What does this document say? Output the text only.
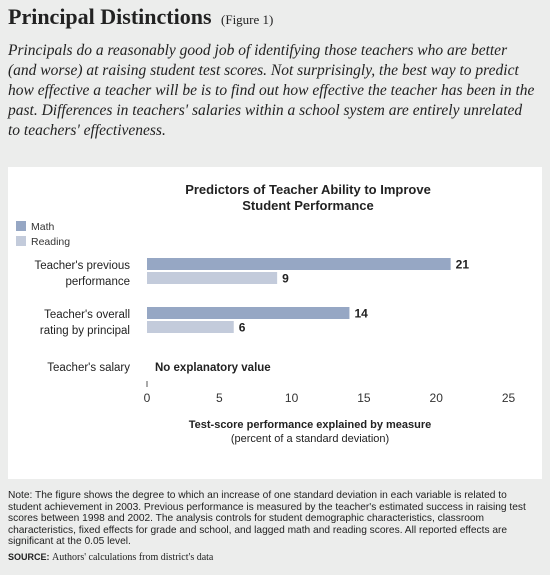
Principal Distinctions (Figure 1)
Principals do a reasonably good job of identifying those teachers who are better (and worse) at raising student test scores. Not surprisingly, the best way to predict how effective a teacher will be is to find out how effective the teacher has been in the past. Differences in teachers' salaries within a school system are entirely unrelated to teachers' effectiveness.
Predictors of Teacher Ability to Improve
Student Performance
Math
Reading
Teacher's previous
performance
Teacher's overall
rating by principal
Teacher's salary
21
14
9
6
No explanatory value
0	5	10	15	20	25
Test-score performance explained by measure
(percent of a standard deviation)
Note: The figure shows the degree to which an increase of one standard deviation in each variable is related to student achievement in 2003. Previous performance is measured by the teacher's estimated success in raising test scores between 1998 and 2002. The analysis controls for student demographic characteristics, classroom characteristics, fixed effects for grade and school, and lagged math and reading scores. All reported effects are significant at the 0.05 level.
SOURCE: Authors' calculations from district's data
